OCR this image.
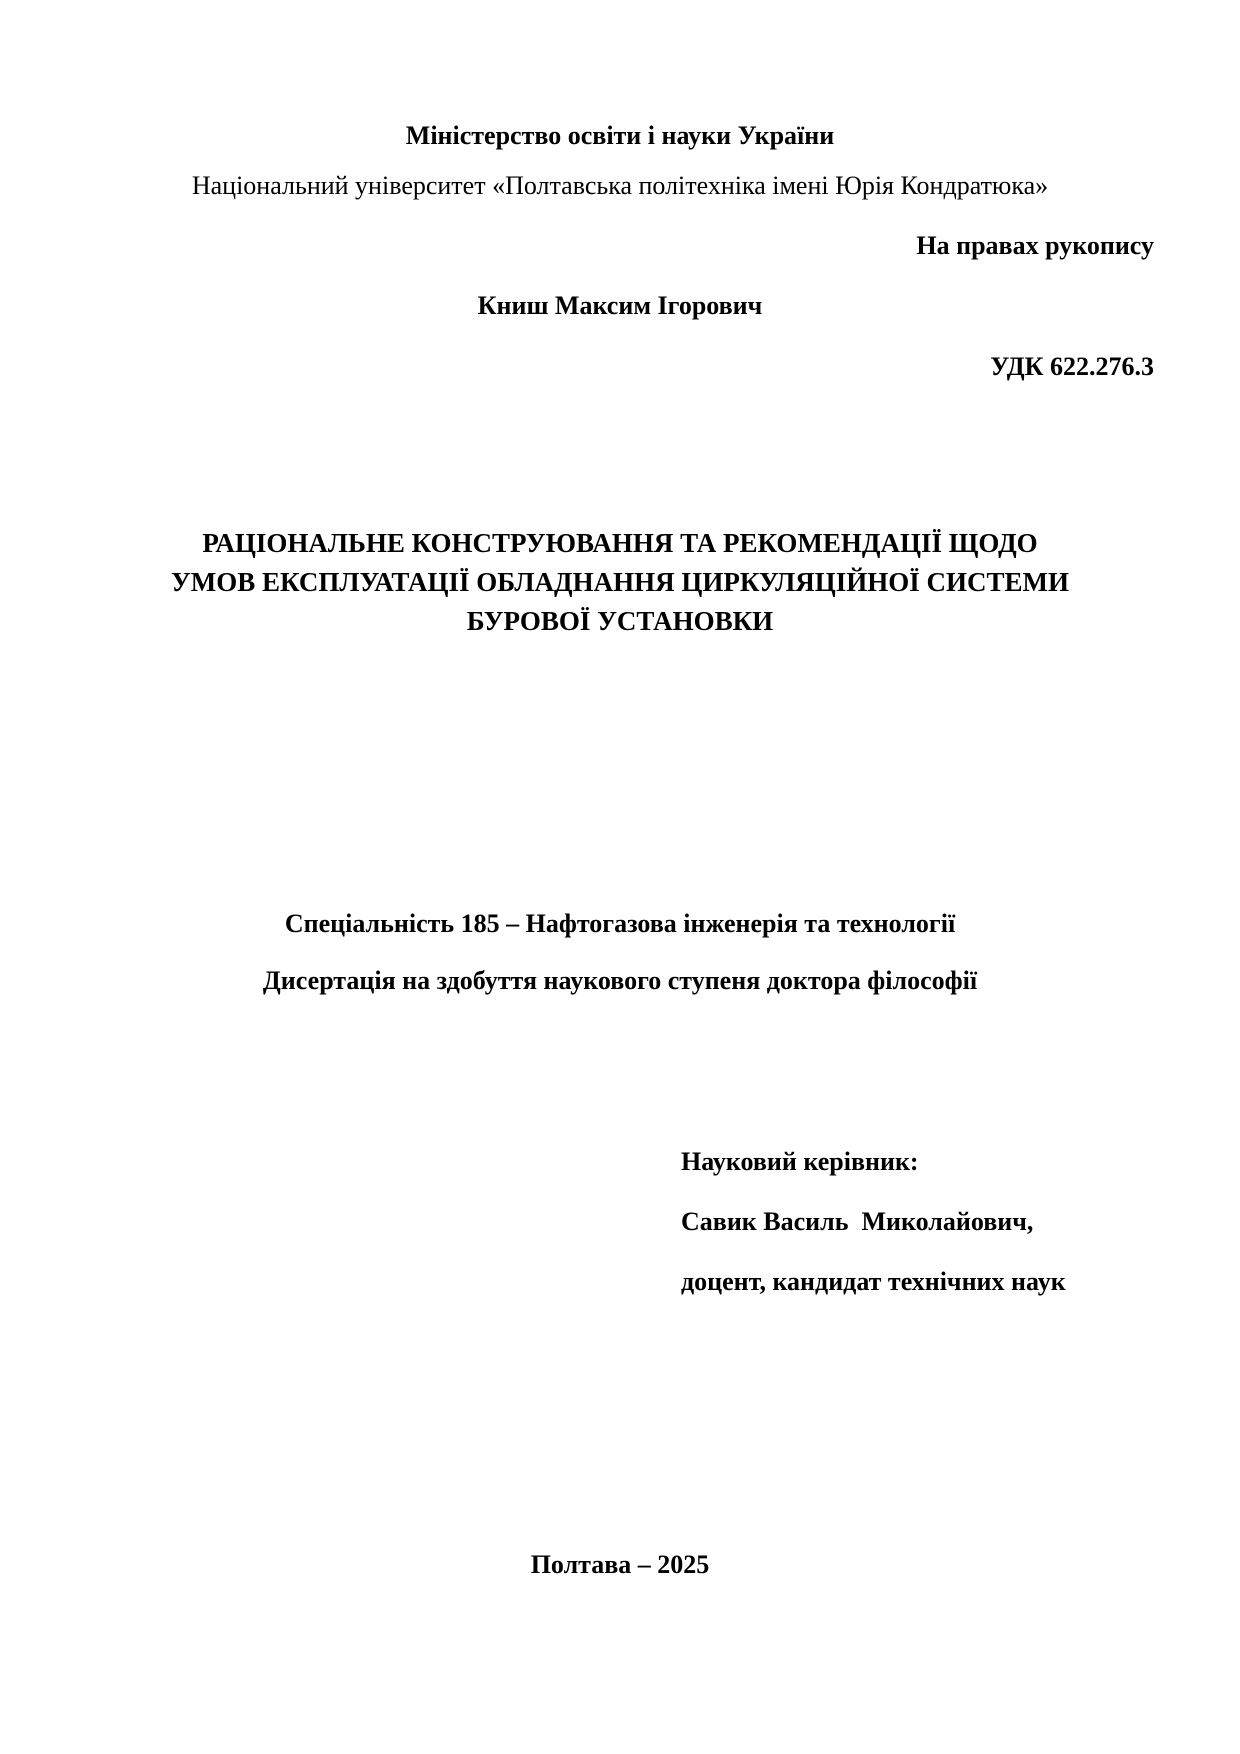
Міністерство освіти і науки України
Національний університет «Полтавська політехніка імені Юрія Кондратюка»
На правах рукопису
Книш Максим Ігорович
УДК 622.276.3
РАЦІОНАЛЬНЕ КОНСТРУЮВАННЯ ТА РЕКОМЕНДАЦІЇ ЩОДО
УМОВ ЕКСПЛУАТАЦІЇ ОБЛАДНАННЯ ЦИРКУЛЯЦІЙНОЇ СИСТЕМИ
БУРОВОЇ УСТАНОВКИ
Спеціальність 185 – Нафтогазова інженерія та технології
Дисертація на здобуття наукового ступеня доктора філософії
Науковий керівник:
Савик Василь  Миколайович,
доцент, кандидат технічних наук
Полтава – 2025
